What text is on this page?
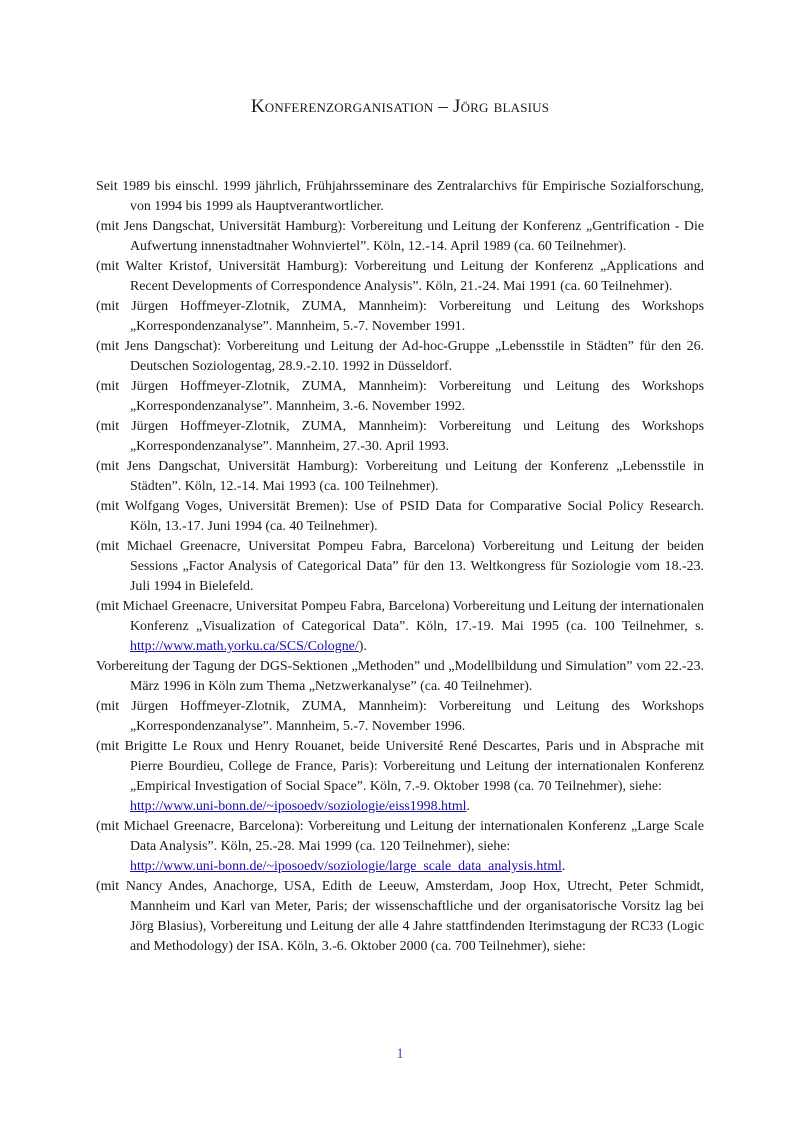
Konferenzorganisation – Jörg blasius

Seit 1989 bis einschl. 1999 jährlich, Frühjahrsseminare des Zentralarchivs für Empirische Sozialforschung, von 1994 bis 1999 als Hauptverantwortlicher.

(mit Jens Dangschat, Universität Hamburg): Vorbereitung und Leitung der Konferenz „Gentrification - Die Aufwertung innenstadtnaher Wohnviertel”. Köln, 12.-14. April 1989 (ca. 60 Teilnehmer).

(mit Walter Kristof, Universität Hamburg): Vorbereitung und Leitung der Konferenz „Applications and Recent Developments of Correspondence Analysis”. Köln, 21.-24. Mai 1991 (ca. 60 Teilnehmer).

(mit Jürgen Hoffmeyer-Zlotnik, ZUMA, Mannheim): Vorbereitung und Leitung des Workshops „Korrespondenzanalyse”. Mannheim, 5.-7. November 1991.

(mit Jens Dangschat): Vorbereitung und Leitung der Ad-hoc-Gruppe „Lebensstile in Städten” für den 26. Deutschen Soziologentag, 28.9.-2.10. 1992 in Düsseldorf.

(mit Jürgen Hoffmeyer-Zlotnik, ZUMA, Mannheim): Vorbereitung und Leitung des Workshops „Korrespondenzanalyse”. Mannheim, 3.-6. November 1992.

(mit Jürgen Hoffmeyer-Zlotnik, ZUMA, Mannheim): Vorbereitung und Leitung des Workshops „Korrespondenzanalyse”. Mannheim, 27.-30. April 1993.

(mit Jens Dangschat, Universität Hamburg): Vorbereitung und Leitung der Konferenz „Lebensstile in Städten”. Köln, 12.-14. Mai 1993 (ca. 100 Teilnehmer).

(mit Wolfgang Voges, Universität Bremen): Use of PSID Data for Comparative Social Policy Research. Köln, 13.-17. Juni 1994 (ca. 40 Teilnehmer).

(mit Michael Greenacre, Universitat Pompeu Fabra, Barcelona) Vorbereitung und Leitung der beiden Sessions „Factor Analysis of Categorical Data” für den 13. Weltkongress für Soziologie vom 18.-23. Juli 1994 in Bielefeld.

(mit Michael Greenacre, Universitat Pompeu Fabra, Barcelona) Vorbereitung und Leitung der internationalen Konferenz „Visualization of Categorical Data”. Köln, 17.-19. Mai 1995 (ca. 100 Teilnehmer, s. http://www.math.yorku.ca/SCS/Cologne/).

Vorbereitung der Tagung der DGS-Sektionen „Methoden” und „Modellbildung und Simulation” vom 22.-23. März 1996 in Köln zum Thema „Netzwerkanalyse” (ca. 40 Teilnehmer).

(mit Jürgen Hoffmeyer-Zlotnik, ZUMA, Mannheim): Vorbereitung und Leitung des Workshops „Korrespondenzanalyse”. Mannheim, 5.-7. November 1996.

(mit Brigitte Le Roux und Henry Rouanet, beide Université René Descartes, Paris und in Absprache mit Pierre Bourdieu, College de France, Paris): Vorbereitung und Leitung der internationalen Konferenz „Empirical Investigation of Social Space”. Köln, 7.-9. Oktober 1998 (ca. 70 Teilnehmer), siehe:
http://www.uni-bonn.de/~iposoedv/soziologie/eiss1998.html.

(mit Michael Greenacre, Barcelona): Vorbereitung und Leitung der internationalen Konferenz „Large Scale Data Analysis”. Köln, 25.-28. Mai 1999 (ca. 120 Teilnehmer), siehe:
http://www.uni-bonn.de/~iposoedv/soziologie/large_scale_data_analysis.html.

(mit Nancy Andes, Anachorge, USA, Edith de Leeuw, Amsterdam, Joop Hox, Utrecht, Peter Schmidt, Mannheim und Karl van Meter, Paris; der wissenschaftliche und der organisatorische Vorsitz lag bei Jörg Blasius), Vorbereitung und Leitung der alle 4 Jahre stattfindenden Iterimstagung der RC33 (Logic and Methodology) der ISA. Köln, 3.-6. Oktober 2000 (ca. 700 Teilnehmer), siehe:

1
